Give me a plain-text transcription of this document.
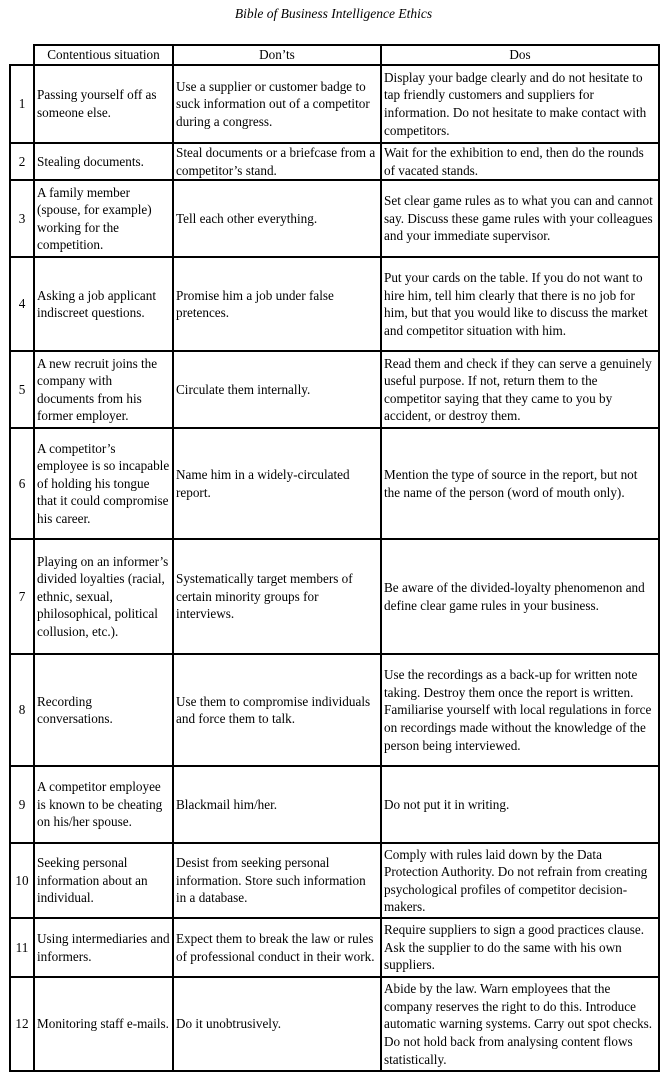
Bible of Business Intelligence Ethics
	Contentious situation	Don’ts	Dos
1	Passing yourself off as someone else.	Use a supplier or customer badge to suck information out of a competitor during a congress.	Display your badge clearly and do not hesitate to tap friendly customers and suppliers for information. Do not hesitate to make contact with competitors.
2	Stealing documents.	Steal documents or a briefcase from a competitor’s stand.	Wait for the exhibition to end, then do the rounds of vacated stands.
3	A family member (spouse, for example) working for the competition.	Tell each other everything.	Set clear game rules as to what you can and cannot say. Discuss these game rules with your colleagues and your immediate supervisor.
4	Asking a job applicant indiscreet questions.	Promise him a job under false pretences.	Put your cards on the table. If you do not want to hire him, tell him clearly that there is no job for him, but that you would like to discuss the market and competitor situation with him.
5	A new recruit joins the company with documents from his former employer.	Circulate them internally.	Read them and check if they can serve a genuinely useful purpose. If not, return them to the competitor saying that they came to you by accident, or destroy them.
6	A competitor’s employee is so incapable of holding his tongue that it could compromise his career.	Name him in a widely-circulated report.	Mention the type of source in the report, but not the name of the person (word of mouth only).
7	Playing on an informer’s divided loyalties (racial, ethnic, sexual, philosophical, political collusion, etc.).	Systematically target members of certain minority groups for interviews.	Be aware of the divided-loyalty phenomenon and define clear game rules in your business.
8	Recording conversations.	Use them to compromise individuals and force them to talk.	Use the recordings as a back-up for written note taking. Destroy them once the report is written. Familiarise yourself with local regulations in force on recordings made without the knowledge of the person being interviewed.
9	A competitor employee is known to be cheating on his/her spouse.	Blackmail him/her.	Do not put it in writing.
10	Seeking personal information about an individual.	Desist from seeking personal information. Store such information in a database.	Comply with rules laid down by the Data Protection Authority. Do not refrain from creating psychological profiles of competitor decision-makers.
11	Using intermediaries and informers.	Expect them to break the law or rules of professional conduct in their work.	Require suppliers to sign a good practices clause. Ask the supplier to do the same with his own suppliers.
12	Monitoring staff e-mails.	Do it unobtrusively.	Abide by the law. Warn employees that the company reserves the right to do this. Introduce automatic warning systems. Carry out spot checks. Do not hold back from analysing content flows statistically.
